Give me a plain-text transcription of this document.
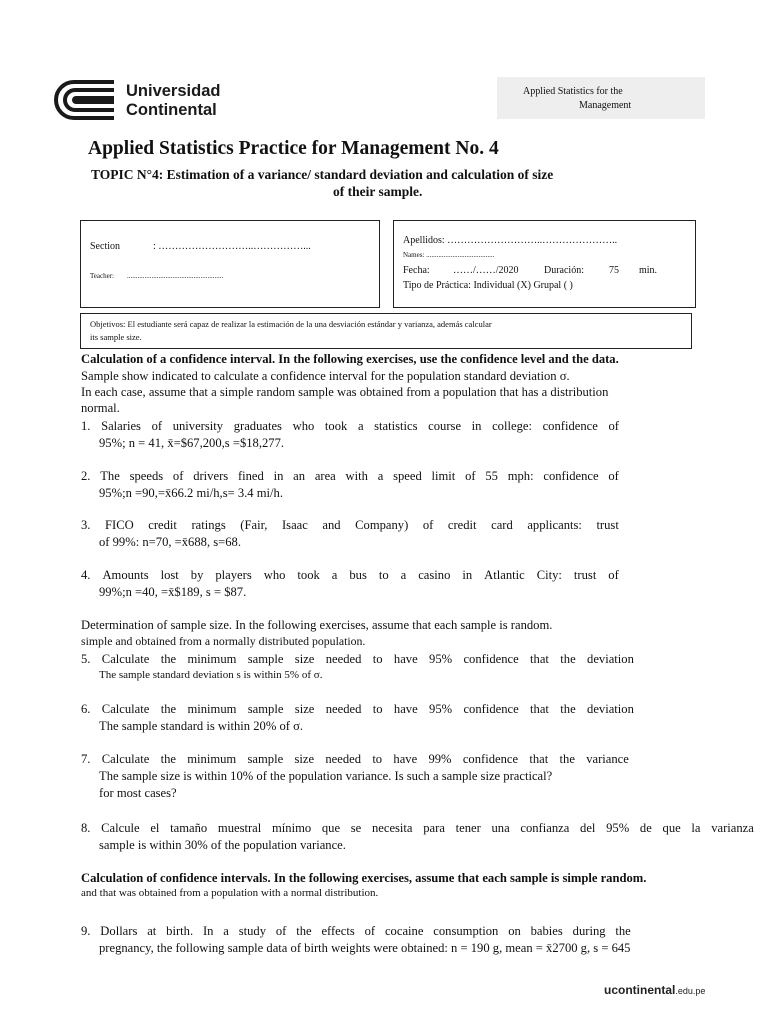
Universidad
Continental
Applied Statistics for the
Management
Applied Statistics Practice for Management No. 4
TOPIC N°4: Estimation of a variance/ standard deviation and calculation of size
of their sample.
Section	: ………………………..……………...
Teacher: .......................................................
Apellidos: ………………………..…………………..
Names: .......................................
Fecha: ……/……/2020	Duración:	75 min.
Tipo de Práctica: Individual (X) Grupal ( )
Objetivos: El estudiante será capaz de realizar la estimación de la una desviación estándar y varianza, además calcular
its sample size.
Calculation of a confidence interval. In the following exercises, use the confidence level and the data.
Sample show indicated to calculate a confidence interval for the population standard deviation σ.
In each case, assume that a simple random sample was obtained from a population that has a distribution
normal.
1. Salaries of university graduates who took a statistics course in college: confidence of
95%; n = 41, x̄=$67,200,s =$18,277.
2. The speeds of drivers fined in an area with a speed limit of 55 mph: confidence of
95%;n =90,=x̄66.2 mi/h,s= 3.4 mi/h.
3. FICO credit ratings (Fair, Isaac and Company) of credit card applicants: trust
of 99%: n=70, =x̄688, s=68.
4. Amounts lost by players who took a bus to a casino in Atlantic City: trust of
99%;n =40, =x̄$189, s = $87.
Determination of sample size. In the following exercises, assume that each sample is random.
simple and obtained from a normally distributed population.
5. Calculate the minimum sample size needed to have 95% confidence that the deviation
The sample standard deviation s is within 5% of σ.
6. Calculate the minimum sample size needed to have 95% confidence that the deviation
The sample standard is within 20% of σ.
7. Calculate the minimum sample size needed to have 99% confidence that the variance
The sample size is within 10% of the population variance. Is such a sample size practical?
for most cases?
8. Calcule el tamaño muestral mínimo que se necesita para tener una confianza del 95% de que la varianza
sample is within 30% of the population variance.
Calculation of confidence intervals. In the following exercises, assume that each sample is simple random.
and that was obtained from a population with a normal distribution.
9. Dollars at birth. In a study of the effects of cocaine consumption on babies during the
pregnancy, the following sample data of birth weights were obtained: n = 190 g, mean = x̄2700 g, s = 645
ucontinental.edu.pe
